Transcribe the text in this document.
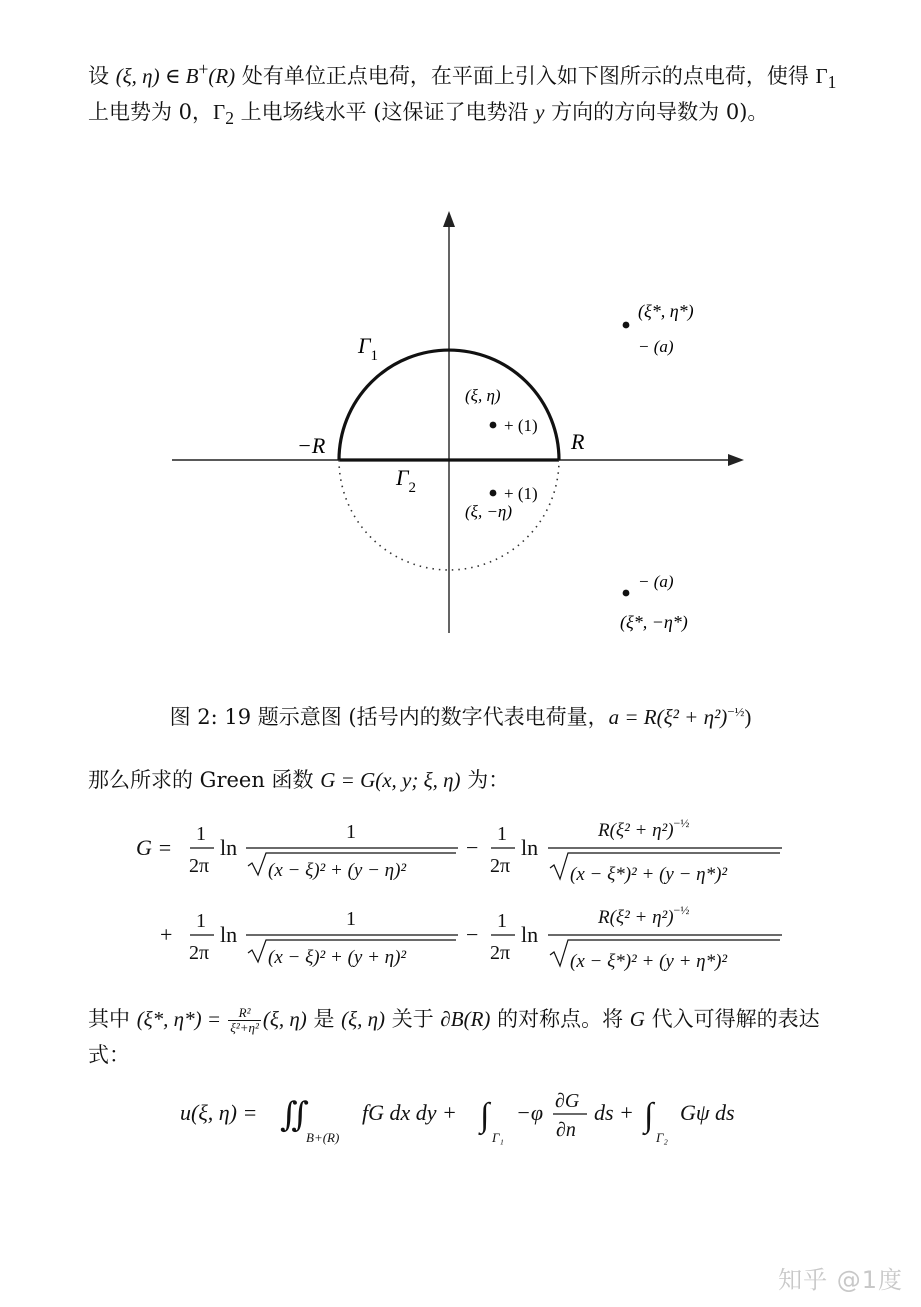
设 (ξ, η) ∈ B+(R) 处有单位正点电荷，在平面上引入如下图所示的点电荷，使得 $\Gamma_1$ 上电势为 0，$\Gamma_2$ 上电场线水平 (这保证了电势沿 y 方向的方向导数为 0)。

$\Gamma_1$
$\Gamma_2$
−R	R
(ξ, η)
+ (1)
+ (1)
(ξ, −η)
(ξ*, η*)
− (a)
− (a)
(ξ*, −η*)
图 2: 19 题示意图 (括号内的数字代表电荷量，$a = R(\xi^2 + \eta^2)^{-\frac{1}{2}}$)

那么所求的 Green 函数 G = G(x, y; ξ, η) 为：

G =
1
2π
ln
1
(x − ξ)² + (y − η)²
−
1
2π
ln
$R(\xi^2 + \eta^2)^{-\frac{1}{2}}$
(x − ξ*)² + (y − η*)²
+
1
2π
ln
1
(x − ξ)² + (y + η)²
−
1
2π
ln
$R(\xi^2 + \eta^2)^{-\frac{1}{2}}$
(x − ξ*)² + (y + η*)²

其中 (ξ*, $\eta*) = \frac{\text{R²}}{\text{ξ²+η²}} (\xi$, η) 是 (ξ, η) 关于 ∂B(R) 的对称点。将 G 代入可得解的表达式：

u(ξ, η) = ∬
B+(R)
fG dx dy + ∫
Γ₁
−φ ∂G
∂n
ds + ∫
Γ₂
Gψ ds
知乎 @1度
